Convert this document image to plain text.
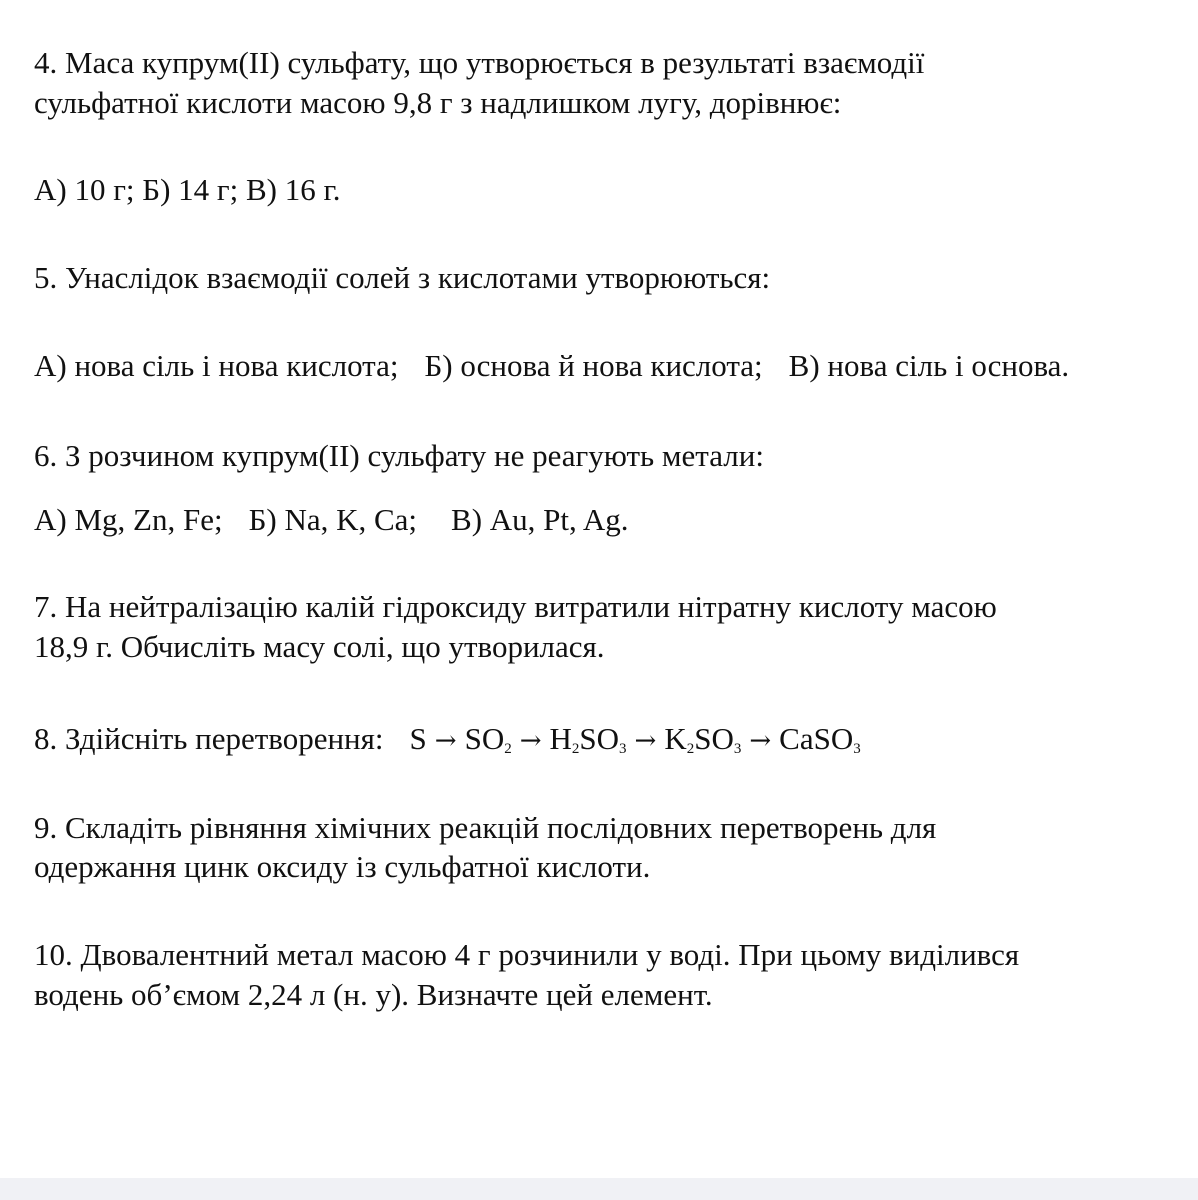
4. Маса купрум(ІІ) сульфату, що утворюється в результаті взаємодії
сульфатної кислоти масою 9,8 г з надлишком лугу, дорівнює:
А) 10 г; Б) 14 г; В) 16 г.
5. Унаслідок взаємодії солей з кислотами утворюються:
А) нова сіль і нова кислота; Б) основа й нова кислота; В) нова сіль і основа.
6. З розчином купрум(ІІ) сульфату не реагують метали:
А) Mg, Zn, Fe; Б) Na, K, Ca; В) Au, Pt, Ag.
7. На нейтралізацію калій гідроксиду витратили нітратну кислоту масою
18,9 г. Обчисліть масу солі, що утворилася.
8. Здійсніть перетворення: $S \to SO_2 \to H_2SO_3 \to K_2SO_3$ → CaSO$_3$
9. Складіть рівняння хімічних реакцій послідовних перетворень для
одержання цинк оксиду із сульфатної кислоти.
10. Двовалентний метал масою 4 г розчинили у воді. При цьому виділився
водень об’ємом 2,24 л (н. у). Визначте цей елемент.
